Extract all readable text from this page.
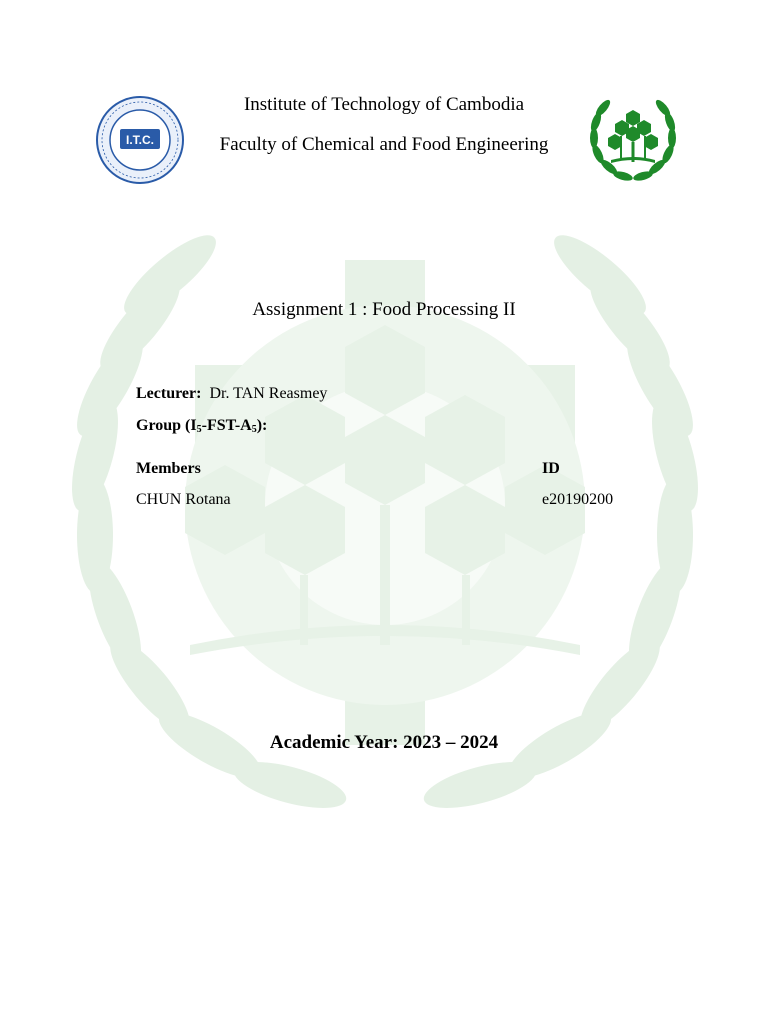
I.T.C.
Institute of Technology of Cambodia
Faculty of Chemical and Food Engineering
Assignment 1 : Food Processing II
Lecturer: Dr. TAN Reasmey
Group $(I_5-FST-A_5)$:
Members	ID
CHUN Rotana	e20190200
Academic Year: 2023 – 2024
